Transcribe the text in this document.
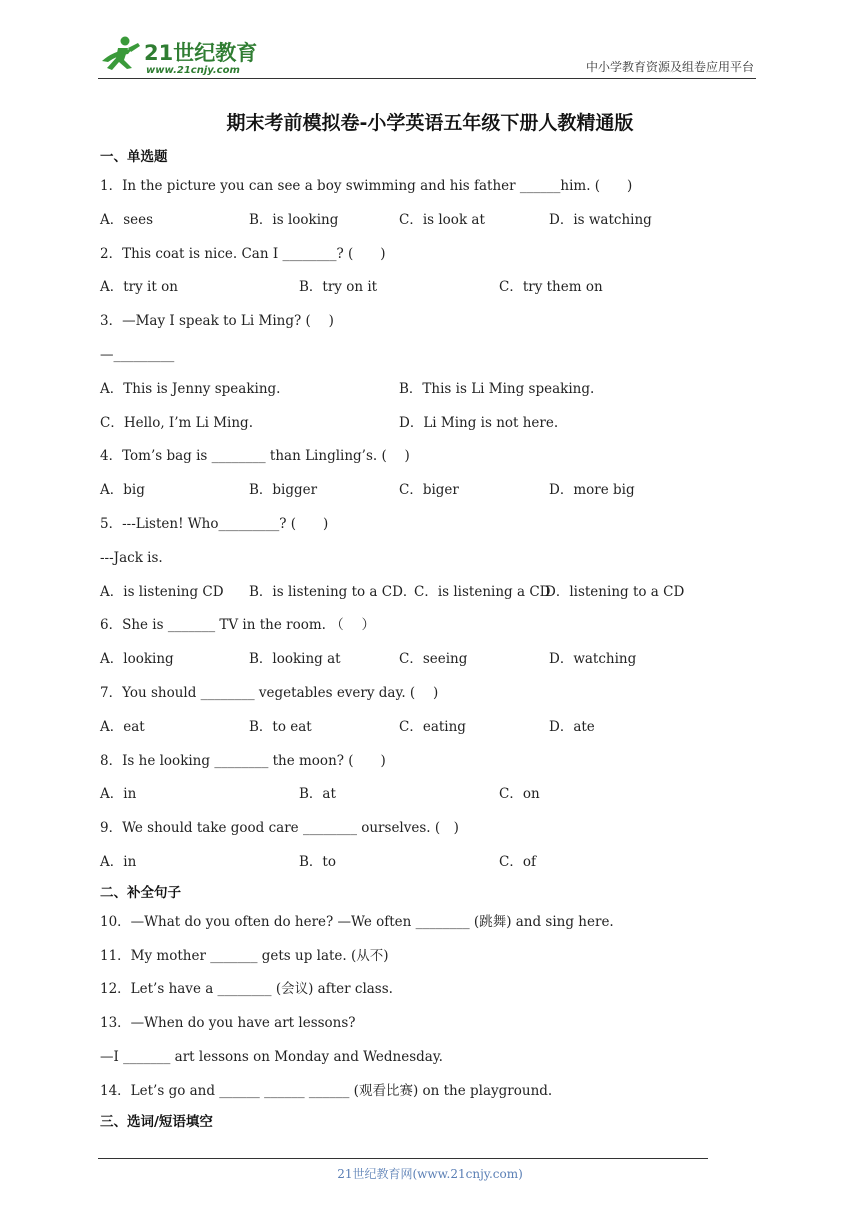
21世纪教育
www.21cnjy.com	中小学教育资源及组卷应用平台
期末考前模拟卷-小学英语五年级下册人教精通版
一、单选题
1．In the picture you can see a boy swimming and his father ______him. (　　)
A．sees	B．is looking	C．is look at	D．is watching
2．This coat is nice. Can I ________? (　　)
A．try it on	B．try on it	C．try them on
3．—May I speak to Li Ming? (　 )
—_________
A．This is Jenny speaking.	B．This is Li Ming speaking.
C．Hello, I’m Li Ming.	D．Li Ming is not here.
4．Tom’s bag is ________ than Lingling’s. (　 )
A．big	B．bigger	C．biger	D．more big
5．---Listen! Who_________? (　　)
---Jack is.
A．is listening CD B．is listening to a CD．
C．is listening a CD
D．listening to a CD
6．She is _______ TV in the room. （　 ）
A．looking	B．looking at	C．seeing	D．watching
7．You should ________ vegetables every day. (　 )
A．eat	B．to eat	C．eating	D．ate
8．Is he looking ________ the moon? (　　)
A．in	B．at	C．on
9．We should take good care ________ ourselves. (　)
A．in	B．to	C．of
二、补全句子
10．—What do you often do here? —We often ________ (跳舞) and sing here.
11．My mother _______ gets up late. (从不)
12．Let’s have a ________ (会议) after class.
13．—When do you have art lessons?
—I _______ art lessons on Monday and Wednesday.
14．Let’s go and ______ ______ ______ (观看比赛) on the playground.
三、选词/短语填空
21世纪教育网(www.21cnjy.com)
